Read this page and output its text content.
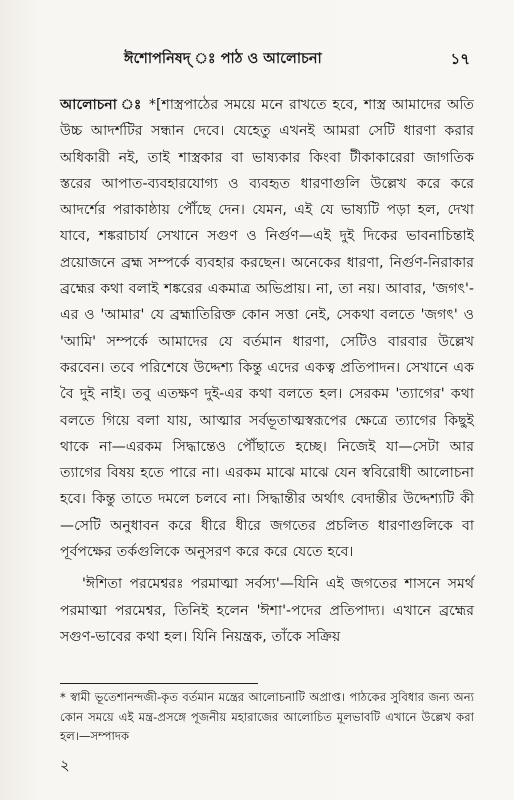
ঈশোপনিষদ্‌ ঃ পাঠ ও আলোচনা	১৭

আলোচনা ঃ *[শাস্ত্রপাঠের সময়ে মনে রাখতে হবে, শাস্ত্র আমাদের অতি উচ্চ আদর্শটির সন্ধান দেবে। যেহেতু এখনই আমরা সেটি ধারণা করার অধিকারী নই, তাই শাস্ত্রকার বা ভাষ্যকার কিংবা টীকাকারেরা জাগতিক স্তরের আপাত-ব্যবহারযোগ্য ও ব্যবহৃত ধারণাগুলি উল্লেখ করে করে আদর্শের পরাকাষ্ঠায় পৌঁছে দেন। যেমন, এই যে ভাষ্যটি পড়া হল, দেখা যাবে, শঙ্করাচার্য সেখানে সগুণ ও নির্গুণ—এই দুই দিকের ভাবনাচিন্তাই প্রয়োজনে ব্রহ্ম সম্পর্কে ব্যবহার করছেন। অনেকের ধারণা, নির্গুণ-নিরাকার ব্রহ্মের কথা বলাই শঙ্করের একমাত্র অভিপ্রায়। না, তা নয়। আবার, 'জগৎ'-এর ও 'আমার' যে ব্রহ্মাতিরিক্ত কোন সত্তা নেই, সেকথা বলতে 'জগৎ' ও 'আমি' সম্পর্কে আমাদের যে বর্তমান ধারণা, সেটিও বারবার উল্লেখ করবেন। তবে পরিশেষে উদ্দেশ্য কিন্তু এদের একত্ব প্রতিপাদন। সেখানে এক বৈ দুই নাই। তবু এতক্ষণ দুই-এর কথা বলতে হল। সেরকম 'ত্যাগের' কথা বলতে গিয়ে বলা যায়, আত্মার সর্বভূতাত্মস্বরূপের ক্ষেত্রে ত্যাগের কিছুই থাকে না—এরকম সিদ্ধান্তেও পৌঁছাতে হচ্ছে। নিজেই যা—সেটা আর ত্যাগের বিষয় হতে পারে না। এরকম মাঝে মাঝে যেন স্ববিরোধী আলোচনা হবে। কিন্তু তাতে দমলে চলবে না। সিদ্ধান্তীর অর্থাৎ বেদান্তীর উদ্দেশ্যটি কী—সেটি অনুধাবন করে ধীরে ধীরে জগতের প্রচলিত ধারণাগুলিকে বা পূর্বপক্ষের তর্কগুলিকে অনুসরণ করে করে যেতে হবে।

'ঈশিতা পরমেশ্বরঃ পরমাত্মা সর্বস্য'—যিনি এই জগতের শাসনে সমর্থ পরমাত্মা পরমেশ্বর, তিনিই হলেন 'ঈশা'-পদের প্রতিপাদ্য। এখানে ব্রহ্মের সগুণ-ভাবের কথা হল। যিনি নিয়ন্ত্রক, তাঁকে সক্রিয়

* স্বামী ভূতেশানন্দজী-কৃত বর্তমান মন্ত্রের আলোচনাটি অপ্রাপ্ত। পাঠকের সুবিধার জন্য অন্য কোন সময়ে এই মন্ত্র-প্রসঙ্গে পূজনীয় মহারাজের আলোচিত মূলভাবটি এখানে উল্লেখ করা হল।—সম্পাদক
২
